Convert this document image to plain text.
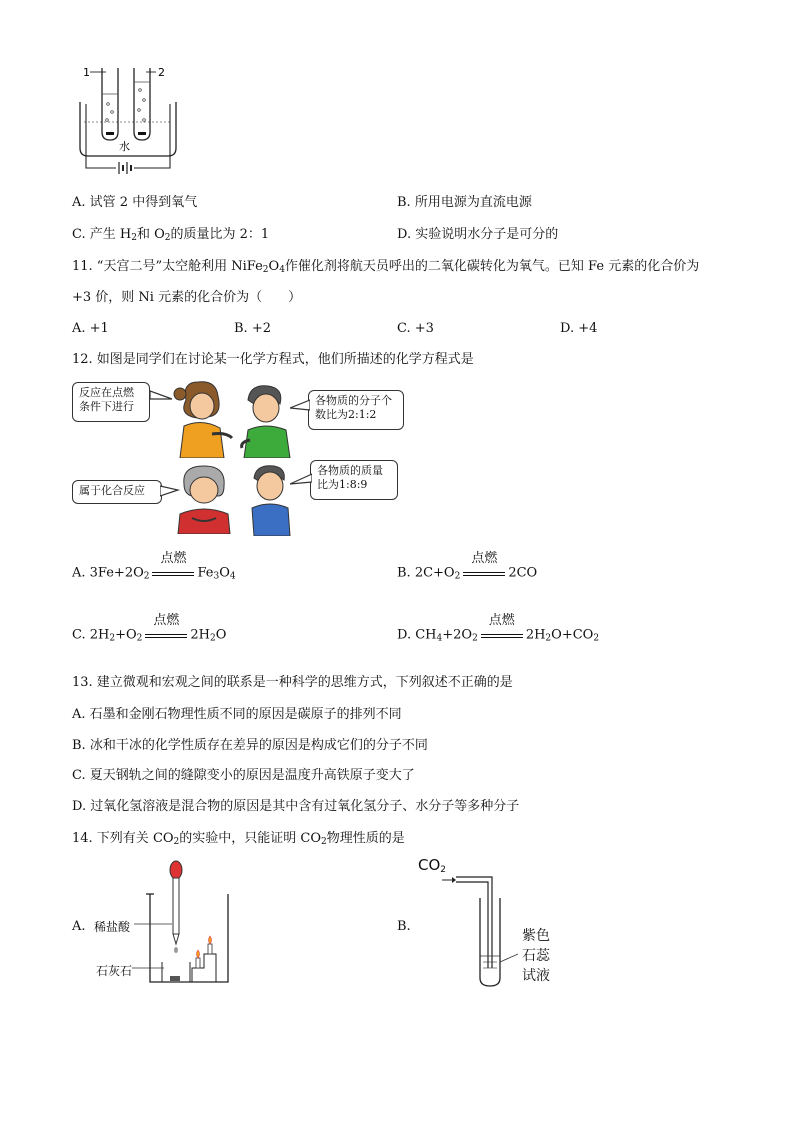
1	2
水
A. 试管 2 中得到氧气	B. 所用电源为直流电源
C. 产生 $H_2$和 $O_2$的质量比为 2：1	D. 实验说明水分子是可分的
11. “天宫二号”太空舱利用 $NiFe_2O_4$作催化剂将航天员呼出的二氧化碳转化为氧气。已知 Fe 元素的化合价为
+3 价，则 Ni 元素的化合价为（　　）
A. +1	B. +2	C. +3	D. +4
12. 如图是同学们在讨论某一化学方程式，他们所描述的化学方程式是
反应在点燃条件下进行	各物质的分子个数比为2:1:2
属于化合反应
各物质的质量比为1:8:9
A. $3Fe+2O_2$
点燃
$Fe_3O_4$	B. $2C+O_2$
点燃
2CO
C. $2H_2+O_2$
点燃
$2H_2O$	D. $CH_4+2O_2$
点燃
$2H_2O+CO_2$
13. 建立微观和宏观之间的联系是一种科学的思维方式，下列叙述不正确的是
A. 石墨和金刚石物理性质不同的原因是碳原子的排列不同
B. 冰和干冰的化学性质存在差异的原因是构成它们的分子不同
C. 夏天钢轨之间的缝隙变小的原因是温度升高铁原子变大了
D. 过氧化氢溶液是混合物的原因是其中含有过氧化氢分子、水分子等多种分子
14. 下列有关 $CO_2$的实验中，只能证明 $CO_2$物理性质的是
A. 稀盐酸
石灰石
B.
$CO_2$
紫色
石蕊
试液
